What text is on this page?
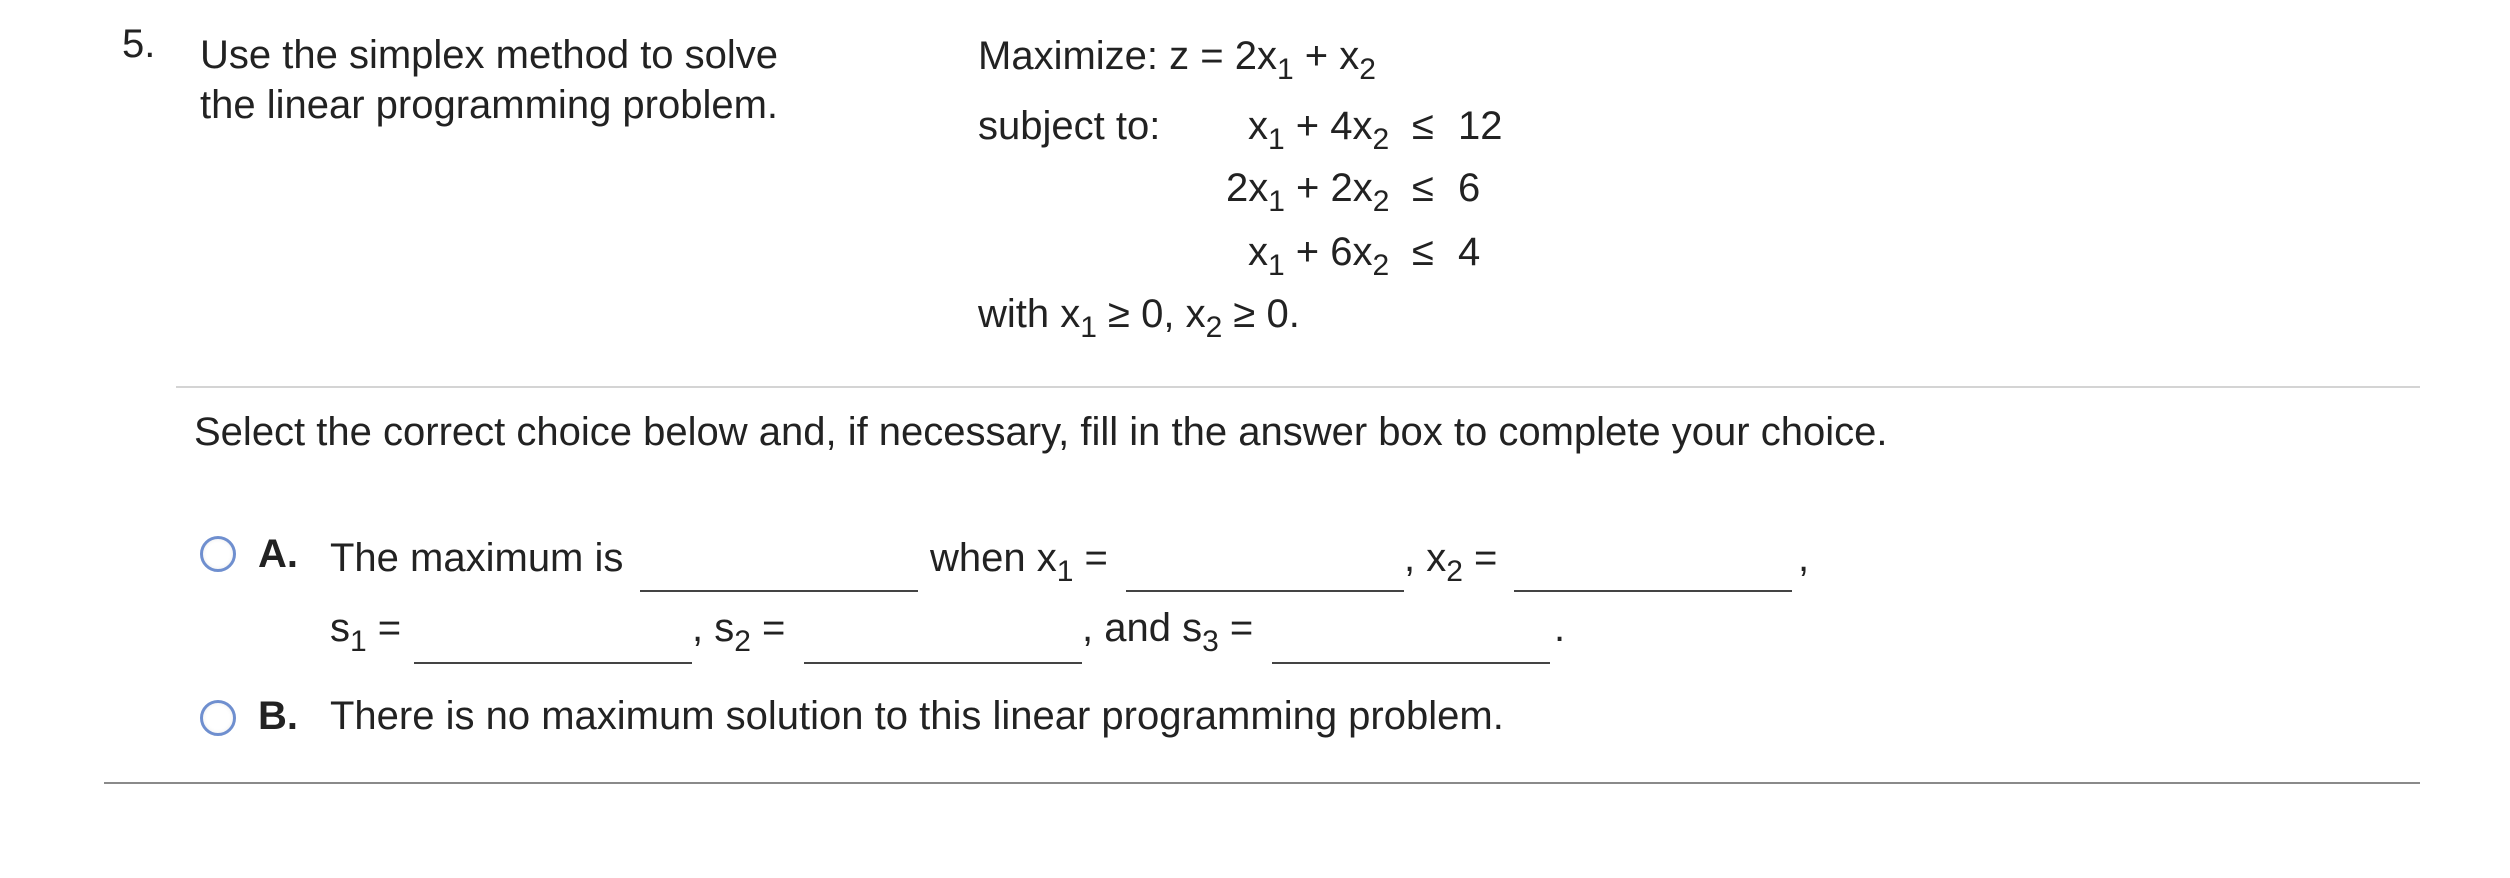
5. Use the simplex method to solve
the linear programming problem.
Maximize: $z = 2x_1 + x_2$
subject to: $x_1 + 4x_2 \le 12$
$2x_1 + 2x_2 \le 6$
$x_1 + 6x_2 \le 4$
with $x_1 \ge 0$, $x_2 \ge 0$.
Select the correct choice below and, if necessary, fill in the answer box to complete your choice.
A. The maximum is	when $x_1$ =	, $x_2$ =	,
$s_1$ =	, $s_2$ =	, and $s_3$ =	.
B. There is no maximum solution to this linear programming problem.
